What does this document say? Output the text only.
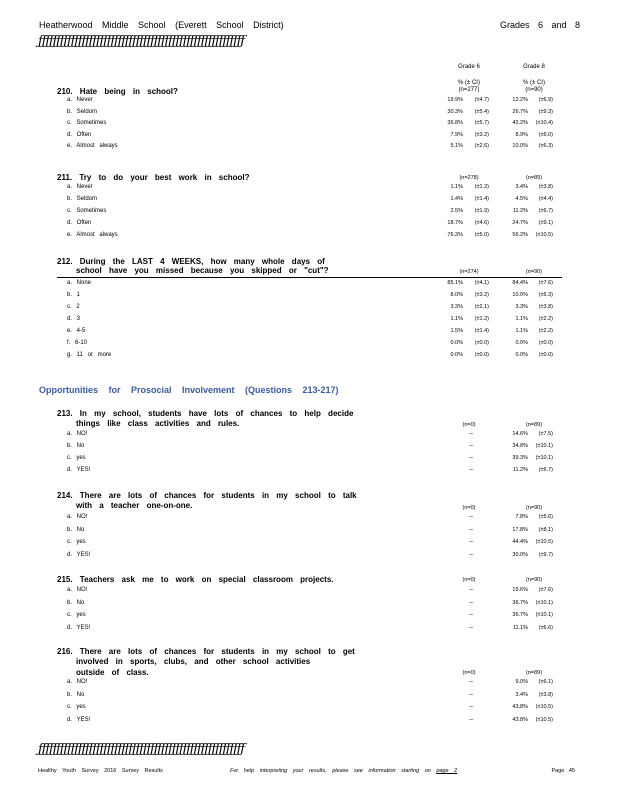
Heatherwood Middle School (Everett School District)	Grades 6 and 8
ƒƒƒƒƒƒƒƒƒƒƒƒƒƒƒƒƒƒƒƒƒƒƒƒƒƒƒƒƒƒƒƒƒƒƒƒƒƒƒƒƒƒƒƒƒƒƒƒƒƒƒƒƒƒƒƒƒ
Grade 6	Grade 8
% (± CI)	% (± CI)
(n=277)	(n=90)
210. Hate being in school?
a. Never	19.9%	(±4.7)	12.2%	(±6.9)
b. Seldom	30.3%	(±5.4)	26.7%	(±9.3)
c. Sometimes	36.8%	(±5.7)	42.2%	(±10.4)
d. Often	7.9%	(±3.2)	8.9%	(±6.0)
e. Almost always	5.1%	(±2.6)	10.0%	(±6.3)
211. Try to do your best work in school?	(n=278)	(n=89)
a. Never	1.1%	(±1.2)	3.4%	(±3.8)
b. Seldom	1.4%	(±1.4)	4.5%	(±4.4)
c. Sometimes	2.5%	(±1.9)	11.2%	(±6.7)
d. Often	18.7%	(±4.6)	24.7%	(±9.1)
e. Almost always	76.3%	(±5.0)	56.2%	(±10.5)
212. During the LAST 4 WEEKS, how many whole days of
school have you missed because you skipped or "cut"?	(n=274)	(n=90)
a. None	85.1%	(±4.1)	84.4%	(±7.6)
b. 1	8.0%	(±3.2)	10.0%	(±6.3)
c. 2	3.3%	(±2.1)	3.3%	(±3.8)
d. 3	1.1%	(±1.2)	1.1%	(±2.2)
e. 4-5	1.5%	(±1.4)	1.1%	(±2.2)
f. 6-10	0.0%	(±0.0)	0.0%	(±0.0)
g. 11 or more	0.0%	(±0.0)	0.0%	(±0.0)
Opportunities for Prosocial Involvement (Questions 213-217)
213. In my school, students have lots of chances to help decide
things like class activities and rules.	(n=0)	(n=89)
a. NO!	--	14.6%	(±7.5)
b. No	--	34.8%	(±10.1)
c. yes	--	39.3%	(±10.1)
d. YES!	--	11.2%	(±6.7)
214. There are lots of chances for students in my school to talk
with a teacher one-on-one.	(n=0)	(n=90)
a. NO!	--	7.8%	(±5.6)
b. No	--	17.8%	(±8.1)
c. yes	--	44.4%	(±10.5)
d. YES!	--	30.0%	(±9.7)
215. Teachers ask me to work on special classroom projects.	(n=0)	(n=90)
a. NO!	--	15.6%	(±7.6)
b. No	--	36.7%	(±10.1)
c. yes	--	36.7%	(±10.1)
d. YES!	--	11.1%	(±6.6)
216. There are lots of chances for students in my school to get
involved in sports, clubs, and other school activities
outside of class.	(n=0)	(n=89)
a. NO!	--	9.0%	(±6.1)
b. No	--	3.4%	(±3.8)
c. yes	--	43.8%	(±10.5)
d. YES!	--	43.8%	(±10.5)
ƒƒƒƒƒƒƒƒƒƒƒƒƒƒƒƒƒƒƒƒƒƒƒƒƒƒƒƒƒƒƒƒƒƒƒƒƒƒƒƒƒƒƒƒƒƒƒƒƒƒƒƒƒƒƒƒƒ
Healthy Youth Survey 2016 Survey Results	For help interpreting your results, please see information starting on page 2	Page 45
